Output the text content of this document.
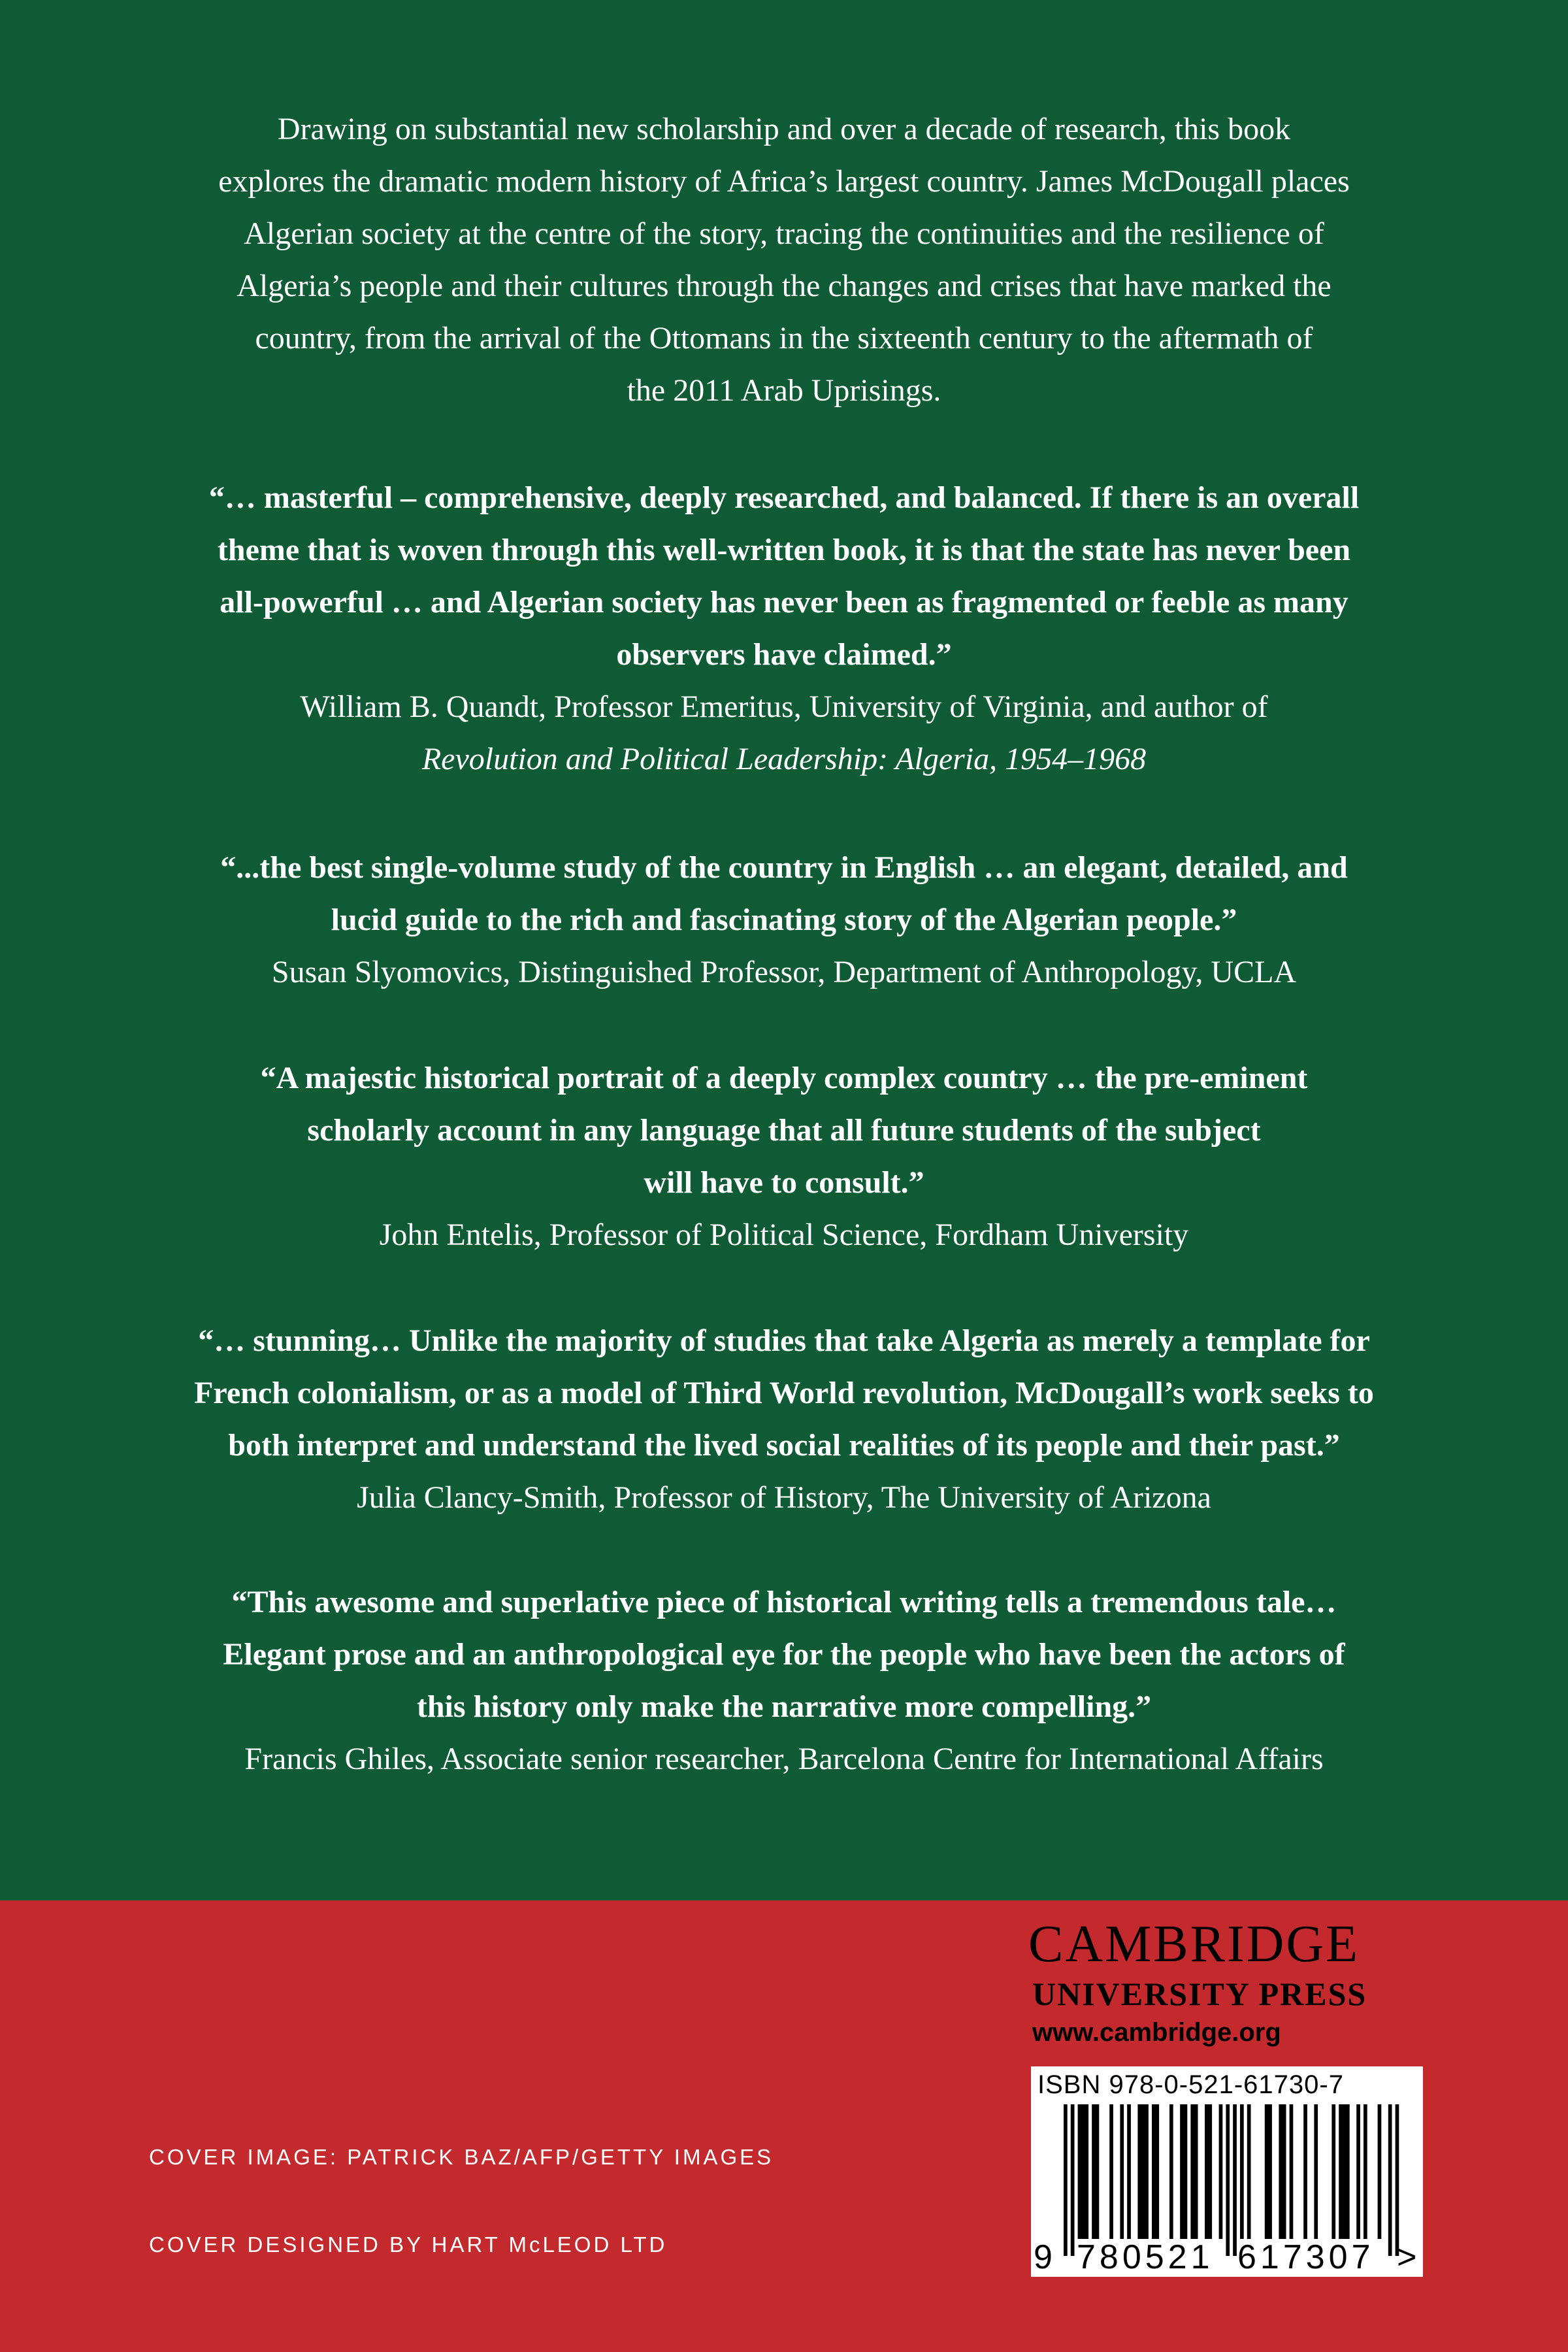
Drawing on substantial new scholarship and over a decade of research, this book
explores the dramatic modern history of Africa’s largest country. James McDougall places
Algerian society at the centre of the story, tracing the continuities and the resilience of
Algeria’s people and their cultures through the changes and crises that have marked the
country, from the arrival of the Ottomans in the sixteenth century to the aftermath of
the 2011 Arab Uprisings.
“… masterful – comprehensive, deeply researched, and balanced. If there is an overall
theme that is woven through this well-written book, it is that the state has never been
all-powerful … and Algerian society has never been as fragmented or feeble as many
observers have claimed.”
William B. Quandt, Professor Emeritus, University of Virginia, and author of
Revolution and Political Leadership: Algeria, 1954–1968
“...the best single-volume study of the country in English … an elegant, detailed, and
lucid guide to the rich and fascinating story of the Algerian people.”
Susan Slyomovics, Distinguished Professor, Department of Anthropology, UCLA
“A majestic historical portrait of a deeply complex country … the pre-eminent
scholarly account in any language that all future students of the subject
will have to consult.”
John Entelis, Professor of Political Science, Fordham University
“… stunning… Unlike the majority of studies that take Algeria as merely a template for
French colonialism, or as a model of Third World revolution, McDougall’s work seeks to
both interpret and understand the lived social realities of its people and their past.”
Julia Clancy-Smith, Professor of History, The University of Arizona
“This awesome and superlative piece of historical writing tells a tremendous tale…
Elegant prose and an anthropological eye for the people who have been the actors of
this history only make the narrative more compelling.”
Francis Ghiles, Associate senior researcher, Barcelona Centre for International Affairs
CAMBRIDGE
UNIVERSITY PRESS
www.cambridge.org
COVER IMAGE: PATRICK BAZ/AFP/GETTY IMAGES
COVER DESIGNED BY HART McLEOD LTD
ISBN 978-0-521-61730-7
9 780521 617307 >
